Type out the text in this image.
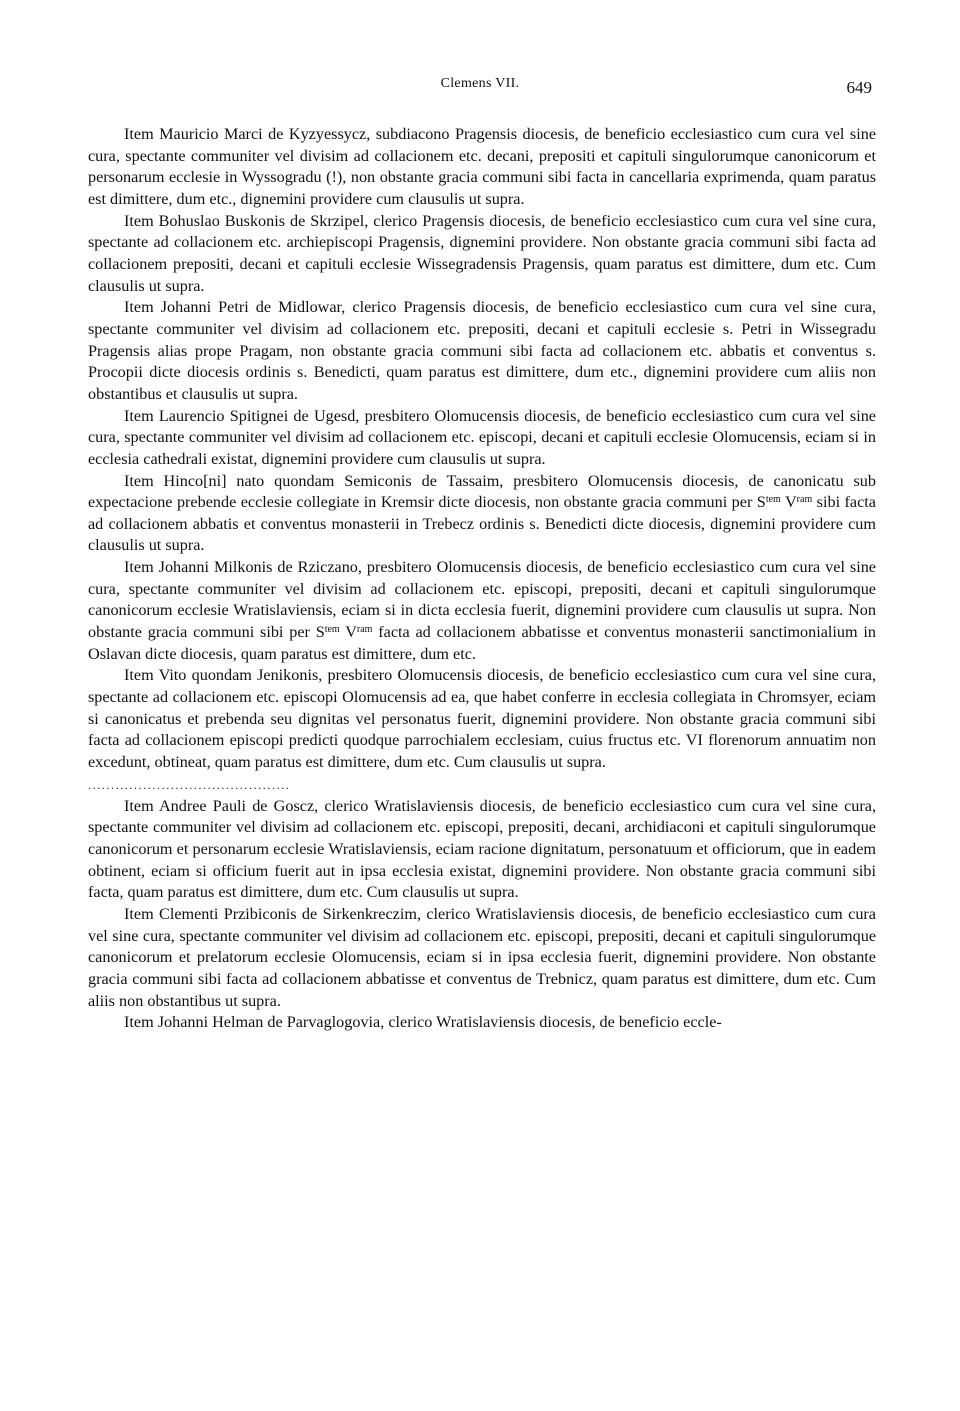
Clemens VII.	649

Item Mauricio Marci de Kyzyessycz, subdiacono Pragensis diocesis, de beneficio ecclesiastico cum cura vel sine cura, spectante communiter vel divisim ad collacionem etc. decani, prepositi et capituli singulorumque canonicorum et personarum ecclesie in Wyssogradu (!), non obstante gracia communi sibi facta in cancellaria exprimenda, quam paratus est dimittere, dum etc., dignemini providere cum clausulis ut supra.

Item Bohuslao Buskonis de Skrzipel, clerico Pragensis diocesis, de beneficio ecclesiastico cum cura vel sine cura, spectante ad collacionem etc. archiepiscopi Pragensis, dignemini providere. Non obstante gracia communi sibi facta ad collacionem prepositi, decani et capituli ecclesie Wissegradensis Pragensis, quam paratus est dimittere, dum etc. Cum clausulis ut supra.

Item Johanni Petri de Midlowar, clerico Pragensis diocesis, de beneficio ecclesiastico cum cura vel sine cura, spectante communiter vel divisim ad collacionem etc. prepositi, decani et capituli ecclesie s. Petri in Wissegradu Pragensis alias prope Pragam, non obstante gracia communi sibi facta ad collacionem etc. abbatis et conventus s. Procopii dicte diocesis ordinis s. Benedicti, quam paratus est dimittere, dum etc., dignemini providere cum aliis non obstantibus et clausulis ut supra.

Item Laurencio Spitignei de Ugesd, presbitero Olomucensis diocesis, de beneficio ecclesiastico cum cura vel sine cura, spectante communiter vel divisim ad collacionem etc. episcopi, decani et capituli ecclesie Olomucensis, eciam si in ecclesia cathedrali existat, dignemini providere cum clausulis ut supra.

Item Hinco[ni] nato quondam Semiconis de Tassaim, presbitero Olomucensis diocesis, de canonicatu sub expectacione prebende ecclesie collegiate in Kremsir dicte diocesis, non obstante gracia communi per $S^{tem}$ $V^{ram}$ sibi facta ad collacionem abbatis et conventus monasterii in Trebecz ordinis s. Benedicti dicte diocesis, dignemini providere cum clausulis ut supra.

Item Johanni Milkonis de Rziczano, presbitero Olomucensis diocesis, de beneficio ecclesiastico cum cura vel sine cura, spectante communiter vel divisim ad collacionem etc. episcopi, prepositi, decani et capituli singulorumque canonicorum ecclesie Wratislaviensis, eciam si in dicta ecclesia fuerit, dignemini providere cum clausulis ut supra. Non obstante gracia communi sibi per $S^{tem}$ $V^{ram}$ facta ad collacionem abbatisse et conventus monasterii sanctimonialium in Oslavan dicte diocesis, quam paratus est dimittere, dum etc.

Item Vito quondam Jenikonis, presbitero Olomucensis diocesis, de beneficio ecclesiastico cum cura vel sine cura, spectante ad collacionem etc. episcopi Olomucensis ad ea, que habet conferre in ecclesia collegiata in Chromsyer, eciam si canonicatus et prebenda seu dignitas vel personatus fuerit, dignemini providere. Non obstante gracia communi sibi facta ad collacionem episcopi predicti quodque parrochialem ecclesiam, cuius fructus etc. VI florenorum annuatim non excedunt, obtineat, quam paratus est dimittere, dum etc. Cum clausulis ut supra.

............................................

Item Andree Pauli de Goscz, clerico Wratislaviensis diocesis, de beneficio ecclesiastico cum cura vel sine cura, spectante communiter vel divisim ad collacionem etc. episcopi, prepositi, decani, archidiaconi et capituli singulorumque canonicorum et personarum ecclesie Wratislaviensis, eciam racione dignitatum, personatuum et officiorum, que in eadem obtinent, eciam si officium fuerit aut in ipsa ecclesia existat, dignemini providere. Non obstante gracia communi sibi facta, quam paratus est dimittere, dum etc. Cum clausulis ut supra.

Item Clementi Przibiconis de Sirkenkreczim, clerico Wratislaviensis diocesis, de beneficio ecclesiastico cum cura vel sine cura, spectante communiter vel divisim ad collacionem etc. episcopi, prepositi, decani et capituli singulorumque canonicorum et prelatorum ecclesie Olomucensis, eciam si in ipsa ecclesia fuerit, dignemini providere. Non obstante gracia communi sibi facta ad collacionem abbatisse et conventus de Trebnicz, quam paratus est dimittere, dum etc. Cum aliis non obstantibus ut supra.

Item Johanni Helman de Parvaglogovia, clerico Wratislaviensis diocesis, de beneficio eccle-
